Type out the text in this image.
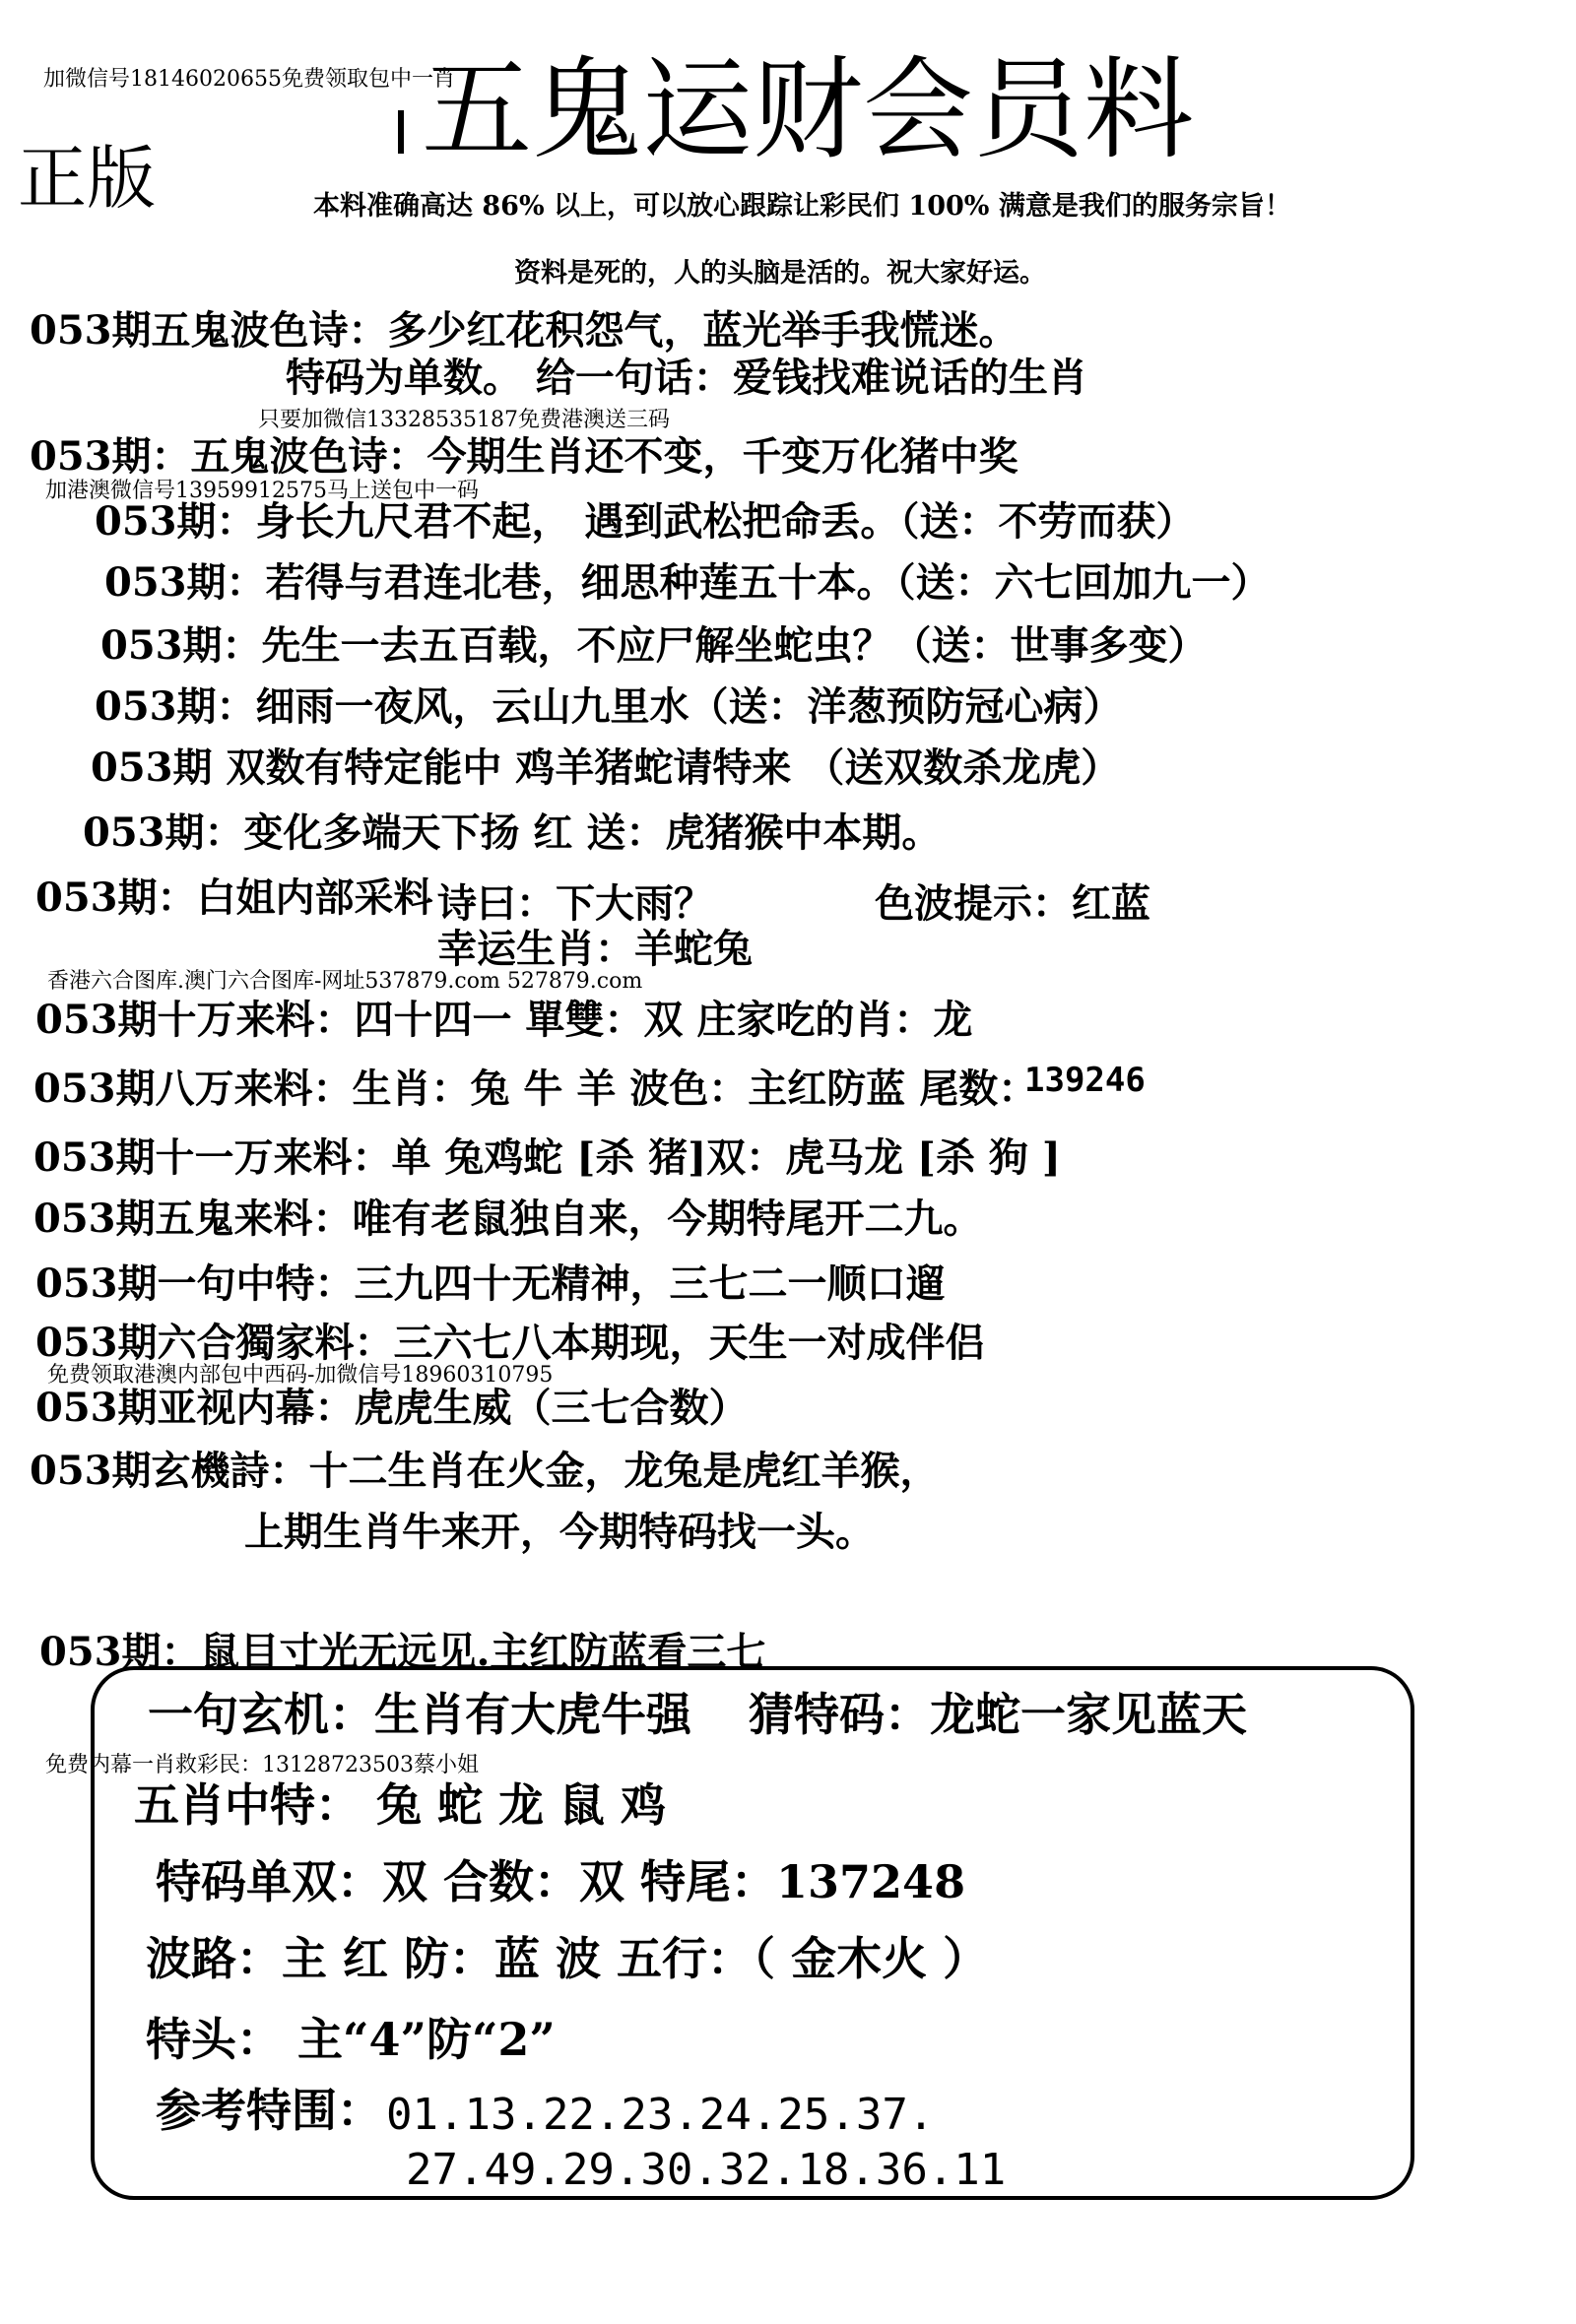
加微信号18146020655免费领取包中一肖
只要加微信13328535187免费港澳送三码
加港澳微信号13959912575马上送包中一码
香港六合图库.澳门六合图库-网址537879.com 527879.com
免费领取港澳内部包中西码-加微信号18960310795
免费内幕一肖救彩民：13128723503蔡小姐
正版
五鬼运财会员料
本料准确高达 86% 以上，可以放心跟踪让彩民们 100% 满意是我们的服务宗旨！
资料是死的，人的头脑是活的。祝大家好运。
053期五鬼波色诗：多少红花积怨气，蓝光举手我慌迷。
特码为单数。 给一句话：爱钱找难说话的生肖
053期：五鬼波色诗：今期生肖还不变，千变万化猪中奖
053期：身长九尺君不起， 遇到武松把命丢。（送：不劳而获）
053期：若得与君连北巷，细思种莲五十本。（送：六七回加九一）
053期：先生一去五百载，不应尸解坐蛇虫？（送：世事多变）
053期：细雨一夜风，云山九里水（送：洋葱预防冠心病）
053期 双数有特定能中 鸡羊猪蛇请特来 （送双数杀龙虎）
053期：变化多端天下扬 红 送：虎猪猴中本期。
053期：白姐内部采料 诗曰：下大雨？	色波提示：红蓝
幸运生肖：羊蛇兔
053期十万来料：四十四一 單雙：双 庄家吃的肖：龙
053期八万来料：生肖：兔 牛 羊 波色：主红防蓝 尾数：
139246
053期十一万来料：单 兔鸡蛇 [杀 猪]双：虎马龙 [杀 狗 ]
053期五鬼来料：唯有老鼠独自来，今期特尾开二九。
053期一句中特：三九四十无精神，三七二一顺口遛
053期六合獨家料：三六七八本期现，天生一对成伴侣
053期亚视内幕：虎虎生威（三七合数）
053期玄機詩：十二生肖在火金，龙兔是虎红羊猴，
上期生肖牛来开，今期特码找一头。
053期：鼠目寸光无远见.主红防蓝看三七
一句玄机：生肖有大虎牛强 猜特码：龙蛇一家见蓝天
五肖中特： 兔 蛇 龙 鼠 鸡
特码单双：双 合数：双 特尾：137248
波路：主 红 防：蓝 波 五行：（ 金木火 ）
特头： 主“4”防“2”
参考特围： 01.13.22.23.24.25.37.
27.49.29.30.32.18.36.11
